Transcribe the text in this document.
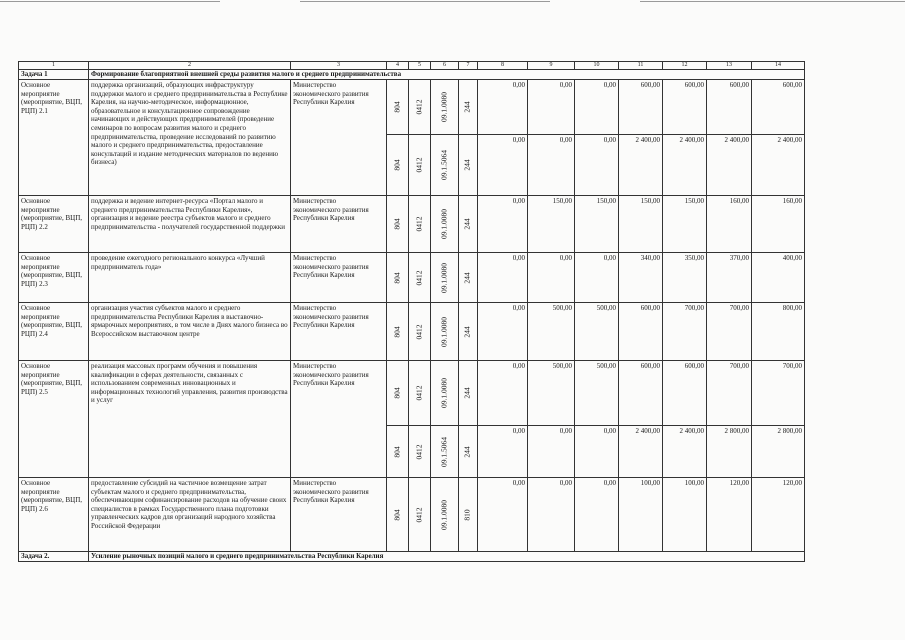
1	2	3	4	5	6	7	8	9	10	11	12	13	14
Задача 1	Формирование благоприятной внешней среды развития малого и среднего предпринимательства												
Основное мероприятие (мероприятие, ВЦП, РЦП) 2.1	поддержка организаций, образующих инфраструктуру поддержки малого и среднего предпринимательства в Республике Карелия, на научно-методическое, информационное, образовательное и консультационное сопровождение начинающих и действующих предпринимателей (проведение семинаров по вопросам развития малого и среднего предпринимательства, проведение исследований по развитию малого и среднего предпринимательства, предоставление консультаций и издание методических материалов по ведению бизнеса)	Министерство экономического развития Республики Карелия	804	0412	09.1.0080	244	0,00	0,00	0,00	600,00	600,00	600,00	600,00

			804	0412	09.1.5064	244	0,00	0,00	0,00	2 400,00	2 400,00	2 400,00	2 400,00
Основное мероприятие (мероприятие, ВЦП, РЦП) 2.2	поддержка и ведение интернет-ресурса «Портал малого и среднего предпринимательства Республики Карелия», организация и ведение реестра субъектов малого и среднего предпринимательства - получателей государственной поддержки	Министерство экономического развития Республики Карелия	804	0412	09.1.0080	244	0,00	150,00	150,00	150,00	150,00	160,00	160,00
Основное мероприятие (мероприятие, ВЦП, РЦП) 2.3	проведение ежегодного регионального конкурса «Лучший предприниматель года»	Министерство экономического развития Республики Карелия	804	0412	09.1.0080	244	0,00	0,00	0,00	340,00	350,00	370,00	400,00
Основное мероприятие (мероприятие, ВЦП, РЦП) 2.4	организация участия субъектов малого и среднего предпринимательства Республики Карелия в выставочно-ярмарочных мероприятиях, в том числе в Днях малого бизнеса во Всероссийском выставочном центре	Министерство экономического развития Республики Карелия	804	0412	09.1.0080	244	0,00	500,00	500,00	600,00	700,00	700,00	800,00
Основное мероприятие (мероприятие, ВЦП, РЦП) 2.5	реализация массовых программ обучения и повышения квалификации в сферах деятельности, связанных с использованием современных инновационных и информационных технологий управления, развития производства и услуг	Министерство экономического развития Республики Карелия	804	0412	09.1.0080	244	0,00	500,00	500,00	600,00	600,00	700,00	700,00

			804	0412	09.1.5064	244	0,00	0,00	0,00	2 400,00	2 400,00	2 800,00	2 800,00
Основное мероприятие (мероприятие, ВЦП, РЦП) 2.6	предоставление субсидий на частичное возмещение затрат субъектам малого и среднего предпринимательства, обеспечивающим софинансирование расходов на обучение своих специалистов в рамках Государственного плана подготовки управленческих кадров для организаций народного хозяйства Российской Федерации	Министерство экономического развития Республики Карелия	804	0412	09.1.0080	810	0,00	0,00	0,00	100,00	100,00	120,00	120,00
Задача 2.	Усиление рыночных позиций малого и среднего предпринимательства Республики Карелия												
